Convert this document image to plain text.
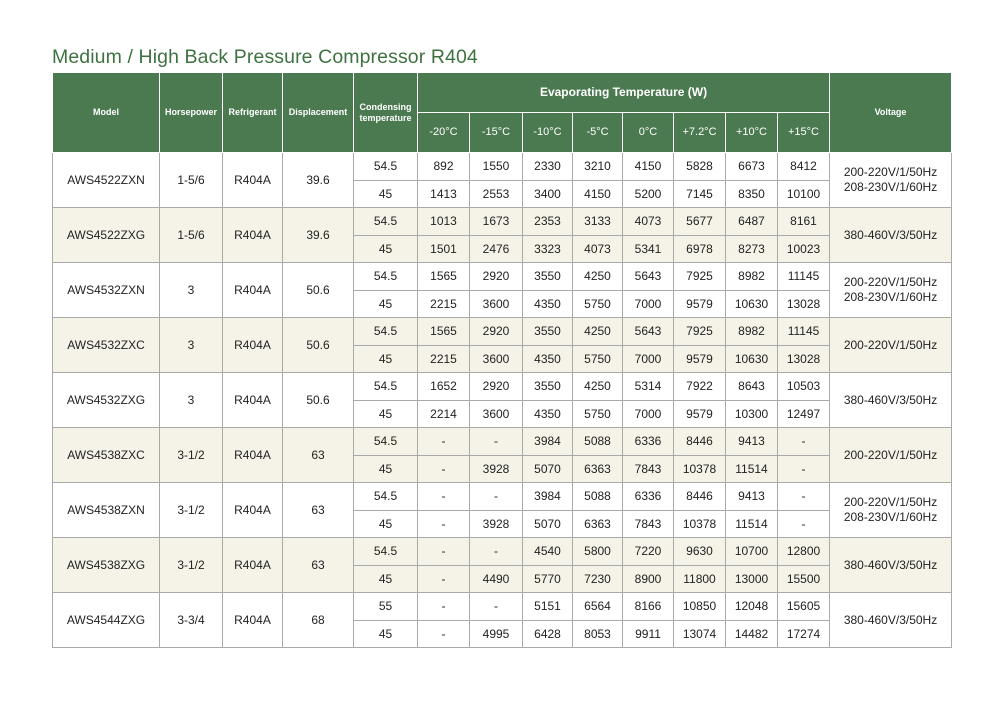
Medium / High Back Pressure Compressor R404
Model	Horsepower	Refrigerant	Displacement	Condensing temperature	Evaporating Temperature (W)								Voltage
					-20°C	-15°C	-10°C	-5°C	0°C	+7.2°C	+10°C	+15°C	
AWS4522ZXN	1-5/6	R404A	39.6	54.5	892	1550	2330	3210	4150	5828	6673	8412	200-220V/1/50Hz
208-230V/1/60Hz

				45	1413	2553	3400	4150	5200	7145	8350	10100	
AWS4522ZXG	1-5/6	R404A	39.6	54.5	1013	1673	2353	3133	4073	5677	6487	8161	380-460V/3/50Hz

				45	1501	2476	3323	4073	5341	6978	8273	10023	
AWS4532ZXN	3	R404A	50.6	54.5	1565	2920	3550	4250	5643	7925	8982	11145	200-220V/1/50Hz
208-230V/1/60Hz

				45	2215	3600	4350	5750	7000	9579	10630	13028	
AWS4532ZXC	3	R404A	50.6	54.5	1565	2920	3550	4250	5643	7925	8982	11145	200-220V/1/50Hz

				45	2215	3600	4350	5750	7000	9579	10630	13028	
AWS4532ZXG	3	R404A	50.6	54.5	1652	2920	3550	4250	5314	7922	8643	10503	380-460V/3/50Hz

				45	2214	3600	4350	5750	7000	9579	10300	12497	
AWS4538ZXC	3-1/2	R404A	63	54.5	-	-	3984	5088	6336	8446	9413	-	200-220V/1/50Hz

				45	-	3928	5070	6363	7843	10378	11514	-	
AWS4538ZXN	3-1/2	R404A	63	54.5	-	-	3984	5088	6336	8446	9413	-	200-220V/1/50Hz
208-230V/1/60Hz

				45	-	3928	5070	6363	7843	10378	11514	-	
AWS4538ZXG	3-1/2	R404A	63	54.5	-	-	4540	5800	7220	9630	10700	12800	380-460V/3/50Hz

				45	-	4490	5770	7230	8900	11800	13000	15500	
AWS4544ZXG	3-3/4	R404A	68	55	-	-	5151	6564	8166	10850	12048	15605	380-460V/3/50Hz

				45	-	4995	6428	8053	9911	13074	14482	17274	
